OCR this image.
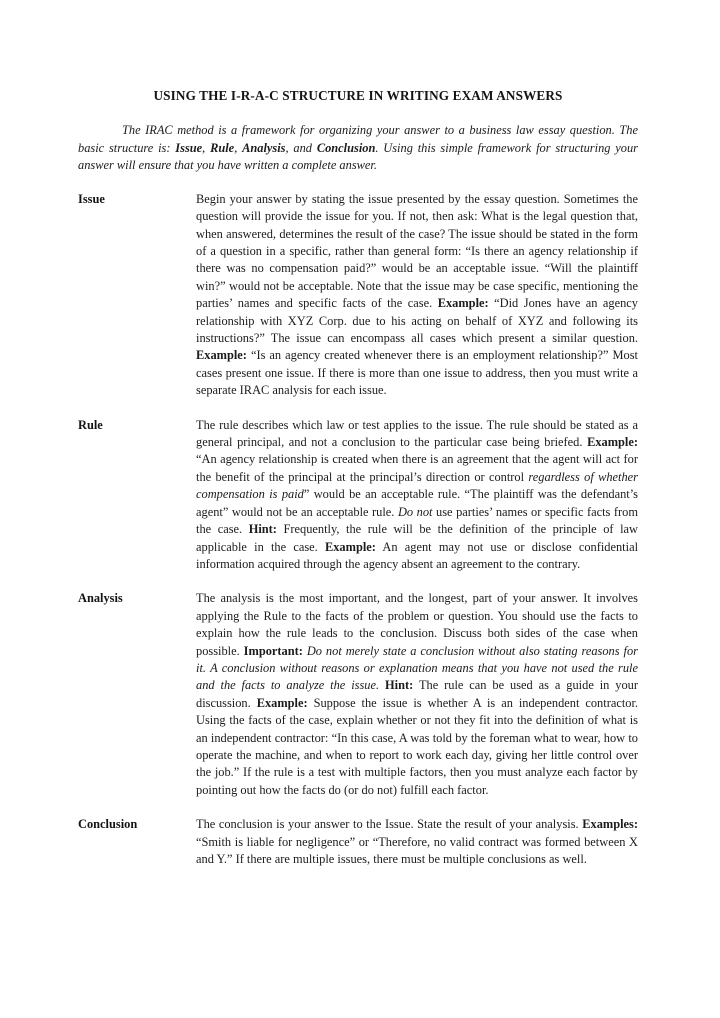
USING THE I-R-A-C STRUCTURE IN WRITING EXAM ANSWERS

The IRAC method is a framework for organizing your answer to a business law essay question. The basic structure is: Issue, Rule, Analysis, and Conclusion. Using this simple framework for structuring your answer will ensure that you have written a complete answer.

Issue	Begin your answer by stating the issue presented by the essay question. Sometimes the question will provide the issue for you. If not, then ask: What is the legal question that, when answered, determines the result of the case? The issue should be stated in the form of a question in a specific, rather than general form: “Is there an agency relationship if there was no compensation paid?” would be an acceptable issue. “Will the plaintiff win?” would not be acceptable. Note that the issue may be case specific, mentioning the parties’ names and specific facts of the case. Example: “Did Jones have an agency relationship with XYZ Corp. due to his acting on behalf of XYZ and following its instructions?” The issue can encompass all cases which present a similar question. Example: “Is an agency created whenever there is an employment relationship?” Most cases present one issue. If there is more than one issue to address, then you must write a separate IRAC analysis for each issue.
Rule	The rule describes which law or test applies to the issue. The rule should be stated as a general principal, and not a conclusion to the particular case being briefed. Example: “An agency relationship is created when there is an agreement that the agent will act for the benefit of the principal at the principal’s direction or control regardless of whether compensation is paid” would be an acceptable rule. “The plaintiff was the defendant’s agent” would not be an acceptable rule. Do not use parties’ names or specific facts from the case. Hint: Frequently, the rule will be the definition of the principle of law applicable in the case. Example: An agent may not use or disclose confidential information acquired through the agency absent an agreement to the contrary.
Analysis	The analysis is the most important, and the longest, part of your answer. It involves applying the Rule to the facts of the problem or question. You should use the facts to explain how the rule leads to the conclusion. Discuss both sides of the case when possible. Important: Do not merely state a conclusion without also stating reasons for it. A conclusion without reasons or explanation means that you have not used the rule and the facts to analyze the issue. Hint: The rule can be used as a guide in your discussion. Example: Suppose the issue is whether A is an independent contractor. Using the facts of the case, explain whether or not they fit into the definition of what is an independent contractor: “In this case, A was told by the foreman what to wear, how to operate the machine, and when to report to work each day, giving her little control over the job.” If the rule is a test with multiple factors, then you must analyze each factor by pointing out how the facts do (or do not) fulfill each factor.
Conclusion	The conclusion is your answer to the Issue. State the result of your analysis. Examples: “Smith is liable for negligence” or “Therefore, no valid contract was formed between X and Y.” If there are multiple issues, there must be multiple conclusions as well.
